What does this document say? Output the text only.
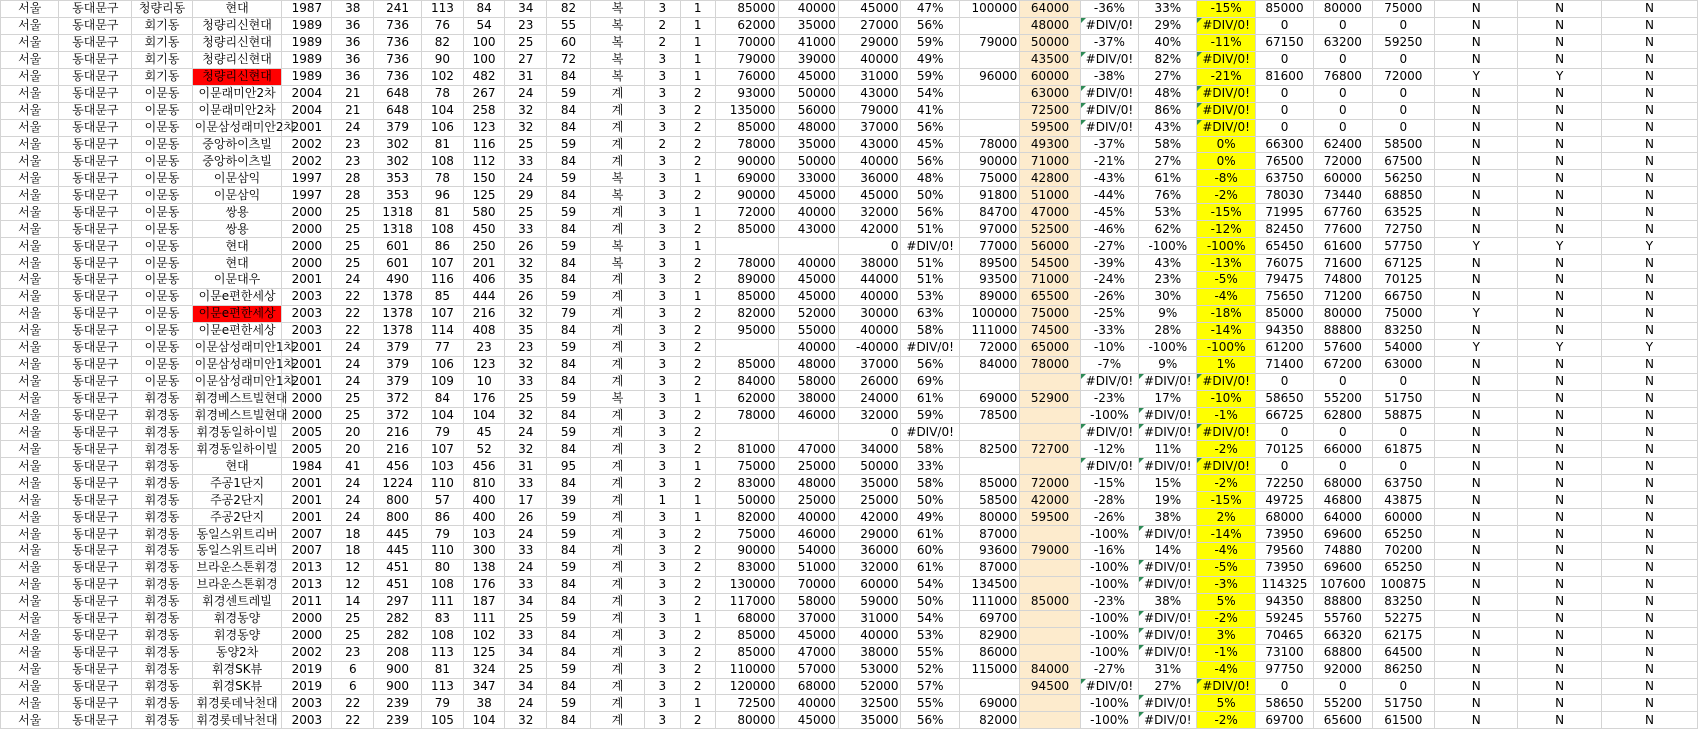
서울	동대문구	청량리동	현대	1987	38	241	113	84	34	82	복	3	1	85000	40000	45000	47%	100000	64000	-36%	33%	-15%	85000	80000	75000	N	N	N
서울	동대문구	회기동	청량리신현대	1989	36	736	76	54	23	55	복	2	1	62000	35000	27000	56%		48000	#DIV/0!	29%	#DIV/0!	0	0	0	N	N	N
서울	동대문구	회기동	청량리신현대	1989	36	736	82	100	25	60	복	2	1	70000	41000	29000	59%	79000	50000	-37%	40%	-11%	67150	63200	59250	N	N	N
서울	동대문구	회기동	청량리신현대	1989	36	736	90	100	27	72	복	3	1	79000	39000	40000	49%		43500	#DIV/0!	82%	#DIV/0!	0	0	0	N	N	N
서울	동대문구	회기동	청량리신현대	1989	36	736	102	482	31	84	복	3	1	76000	45000	31000	59%	96000	60000	-38%	27%	-21%	81600	76800	72000	Y	Y	N
서울	동대문구	이문동	이문래미안2차	2004	21	648	78	267	24	59	계	3	2	93000	50000	43000	54%		63000	#DIV/0!	48%	#DIV/0!	0	0	0	N	N	N
서울	동대문구	이문동	이문래미안2차	2004	21	648	104	258	32	84	계	3	2	135000	56000	79000	41%		72500	#DIV/0!	86%	#DIV/0!	0	0	0	N	N	N
서울	동대문구	이문동	이문삼성래미안2차	2001	24	379	106	123	32	84	계	3	2	85000	48000	37000	56%		59500	#DIV/0!	43%	#DIV/0!	0	0	0	N	N	N
서울	동대문구	이문동	중앙하이츠빌	2002	23	302	81	116	25	59	계	2	2	78000	35000	43000	45%	78000	49300	-37%	58%	0%	66300	62400	58500	N	N	N
서울	동대문구	이문동	중앙하이츠빌	2002	23	302	108	112	33	84	계	3	2	90000	50000	40000	56%	90000	71000	-21%	27%	0%	76500	72000	67500	N	N	N
서울	동대문구	이문동	이문삼익	1997	28	353	78	150	24	59	복	3	1	69000	33000	36000	48%	75000	42800	-43%	61%	-8%	63750	60000	56250	N	N	N
서울	동대문구	이문동	이문삼익	1997	28	353	96	125	29	84	복	3	2	90000	45000	45000	50%	91800	51000	-44%	76%	-2%	78030	73440	68850	N	N	N
서울	동대문구	이문동	쌍용	2000	25	1318	81	580	25	59	계	3	1	72000	40000	32000	56%	84700	47000	-45%	53%	-15%	71995	67760	63525	N	N	N
서울	동대문구	이문동	쌍용	2000	25	1318	108	450	33	84	계	3	2	85000	43000	42000	51%	97000	52500	-46%	62%	-12%	82450	77600	72750	N	N	N
서울	동대문구	이문동	현대	2000	25	601	86	250	26	59	복	3	1			0	#DIV/0!	77000	56000	-27%	-100%	-100%	65450	61600	57750	Y	Y	Y
서울	동대문구	이문동	현대	2000	25	601	107	201	32	84	복	3	2	78000	40000	38000	51%	89500	54500	-39%	43%	-13%	76075	71600	67125	N	N	N
서울	동대문구	이문동	이문대우	2001	24	490	116	406	35	84	계	3	2	89000	45000	44000	51%	93500	71000	-24%	23%	-5%	79475	74800	70125	N	N	N
서울	동대문구	이문동	이문e편한세상	2003	22	1378	85	444	26	59	계	3	1	85000	45000	40000	53%	89000	65500	-26%	30%	-4%	75650	71200	66750	N	N	N
서울	동대문구	이문동	이문e편한세상	2003	22	1378	107	216	32	79	계	3	2	82000	52000	30000	63%	100000	75000	-25%	9%	-18%	85000	80000	75000	Y	N	N
서울	동대문구	이문동	이문e편한세상	2003	22	1378	114	408	35	84	계	3	2	95000	55000	40000	58%	111000	74500	-33%	28%	-14%	94350	88800	83250	N	N	N
서울	동대문구	이문동	이문삼성래미안1차	2001	24	379	77	23	23	59	계	3	2		40000	-40000	#DIV/0!	72000	65000	-10%	-100%	-100%	61200	57600	54000	Y	Y	Y
서울	동대문구	이문동	이문삼성래미안1차	2001	24	379	106	123	32	84	계	3	2	85000	48000	37000	56%	84000	78000	-7%	9%	1%	71400	67200	63000	N	N	N
서울	동대문구	이문동	이문삼성래미안1차	2001	24	379	109	10	33	84	계	3	2	84000	58000	26000	69%			#DIV/0!	#DIV/0!	#DIV/0!	0	0	0	N	N	N
서울	동대문구	휘경동	휘경베스트빌현대	2000	25	372	84	176	25	59	복	3	1	62000	38000	24000	61%	69000	52900	-23%	17%	-10%	58650	55200	51750	N	N	N
서울	동대문구	휘경동	휘경베스트빌현대	2000	25	372	104	104	32	84	계	3	2	78000	46000	32000	59%	78500		-100%	#DIV/0!	-1%	66725	62800	58875	N	N	N
서울	동대문구	휘경동	휘경동일하이빌	2005	20	216	79	45	24	59	계	3	2			0	#DIV/0!			#DIV/0!	#DIV/0!	#DIV/0!	0	0	0	N	N	N
서울	동대문구	휘경동	휘경동일하이빌	2005	20	216	107	52	32	84	계	3	2	81000	47000	34000	58%	82500	72700	-12%	11%	-2%	70125	66000	61875	N	N	N
서울	동대문구	휘경동	현대	1984	41	456	103	456	31	95	계	3	1	75000	25000	50000	33%			#DIV/0!	#DIV/0!	#DIV/0!	0	0	0	N	N	N
서울	동대문구	휘경동	주공1단지	2001	24	1224	110	810	33	84	계	3	2	83000	48000	35000	58%	85000	72000	-15%	15%	-2%	72250	68000	63750	N	N	N
서울	동대문구	휘경동	주공2단지	2001	24	800	57	400	17	39	계	1	1	50000	25000	25000	50%	58500	42000	-28%	19%	-15%	49725	46800	43875	N	N	N
서울	동대문구	휘경동	주공2단지	2001	24	800	86	400	26	59	계	3	1	82000	40000	42000	49%	80000	59500	-26%	38%	2%	68000	64000	60000	N	N	N
서울	동대문구	휘경동	동일스위트리버	2007	18	445	79	103	24	59	계	3	2	75000	46000	29000	61%	87000		-100%	#DIV/0!	-14%	73950	69600	65250	N	N	N
서울	동대문구	휘경동	동일스위트리버	2007	18	445	110	300	33	84	계	3	2	90000	54000	36000	60%	93600	79000	-16%	14%	-4%	79560	74880	70200	N	N	N
서울	동대문구	휘경동	브라운스톤휘경	2013	12	451	80	138	24	59	계	3	2	83000	51000	32000	61%	87000		-100%	#DIV/0!	-5%	73950	69600	65250	N	N	N
서울	동대문구	휘경동	브라운스톤휘경	2013	12	451	108	176	33	84	계	3	2	130000	70000	60000	54%	134500		-100%	#DIV/0!	-3%	114325	107600	100875	N	N	N
서울	동대문구	휘경동	휘경센트레빌	2011	14	297	111	187	34	84	계	3	2	117000	58000	59000	50%	111000	85000	-23%	38%	5%	94350	88800	83250	N	N	N
서울	동대문구	휘경동	휘경동양	2000	25	282	83	111	25	59	계	3	1	68000	37000	31000	54%	69700		-100%	#DIV/0!	-2%	59245	55760	52275	N	N	N
서울	동대문구	휘경동	휘경동양	2000	25	282	108	102	33	84	계	3	2	85000	45000	40000	53%	82900		-100%	#DIV/0!	3%	70465	66320	62175	N	N	N
서울	동대문구	휘경동	동양2차	2002	23	208	113	125	34	84	계	3	2	85000	47000	38000	55%	86000		-100%	#DIV/0!	-1%	73100	68800	64500	N	N	N
서울	동대문구	휘경동	휘경SK뷰	2019	6	900	81	324	25	59	계	3	2	110000	57000	53000	52%	115000	84000	-27%	31%	-4%	97750	92000	86250	N	N	N
서울	동대문구	휘경동	휘경SK뷰	2019	6	900	113	347	34	84	계	3	2	120000	68000	52000	57%		94500	#DIV/0!	27%	#DIV/0!	0	0	0	N	N	N
서울	동대문구	휘경동	휘경롯데낙천대	2003	22	239	79	38	24	59	계	3	1	72500	40000	32500	55%	69000		-100%	#DIV/0!	5%	58650	55200	51750	N	N	N
서울	동대문구	휘경동	휘경롯데낙천대	2003	22	239	105	104	32	84	계	3	2	80000	45000	35000	56%	82000		-100%	#DIV/0!	-2%	69700	65600	61500	N	N	N
